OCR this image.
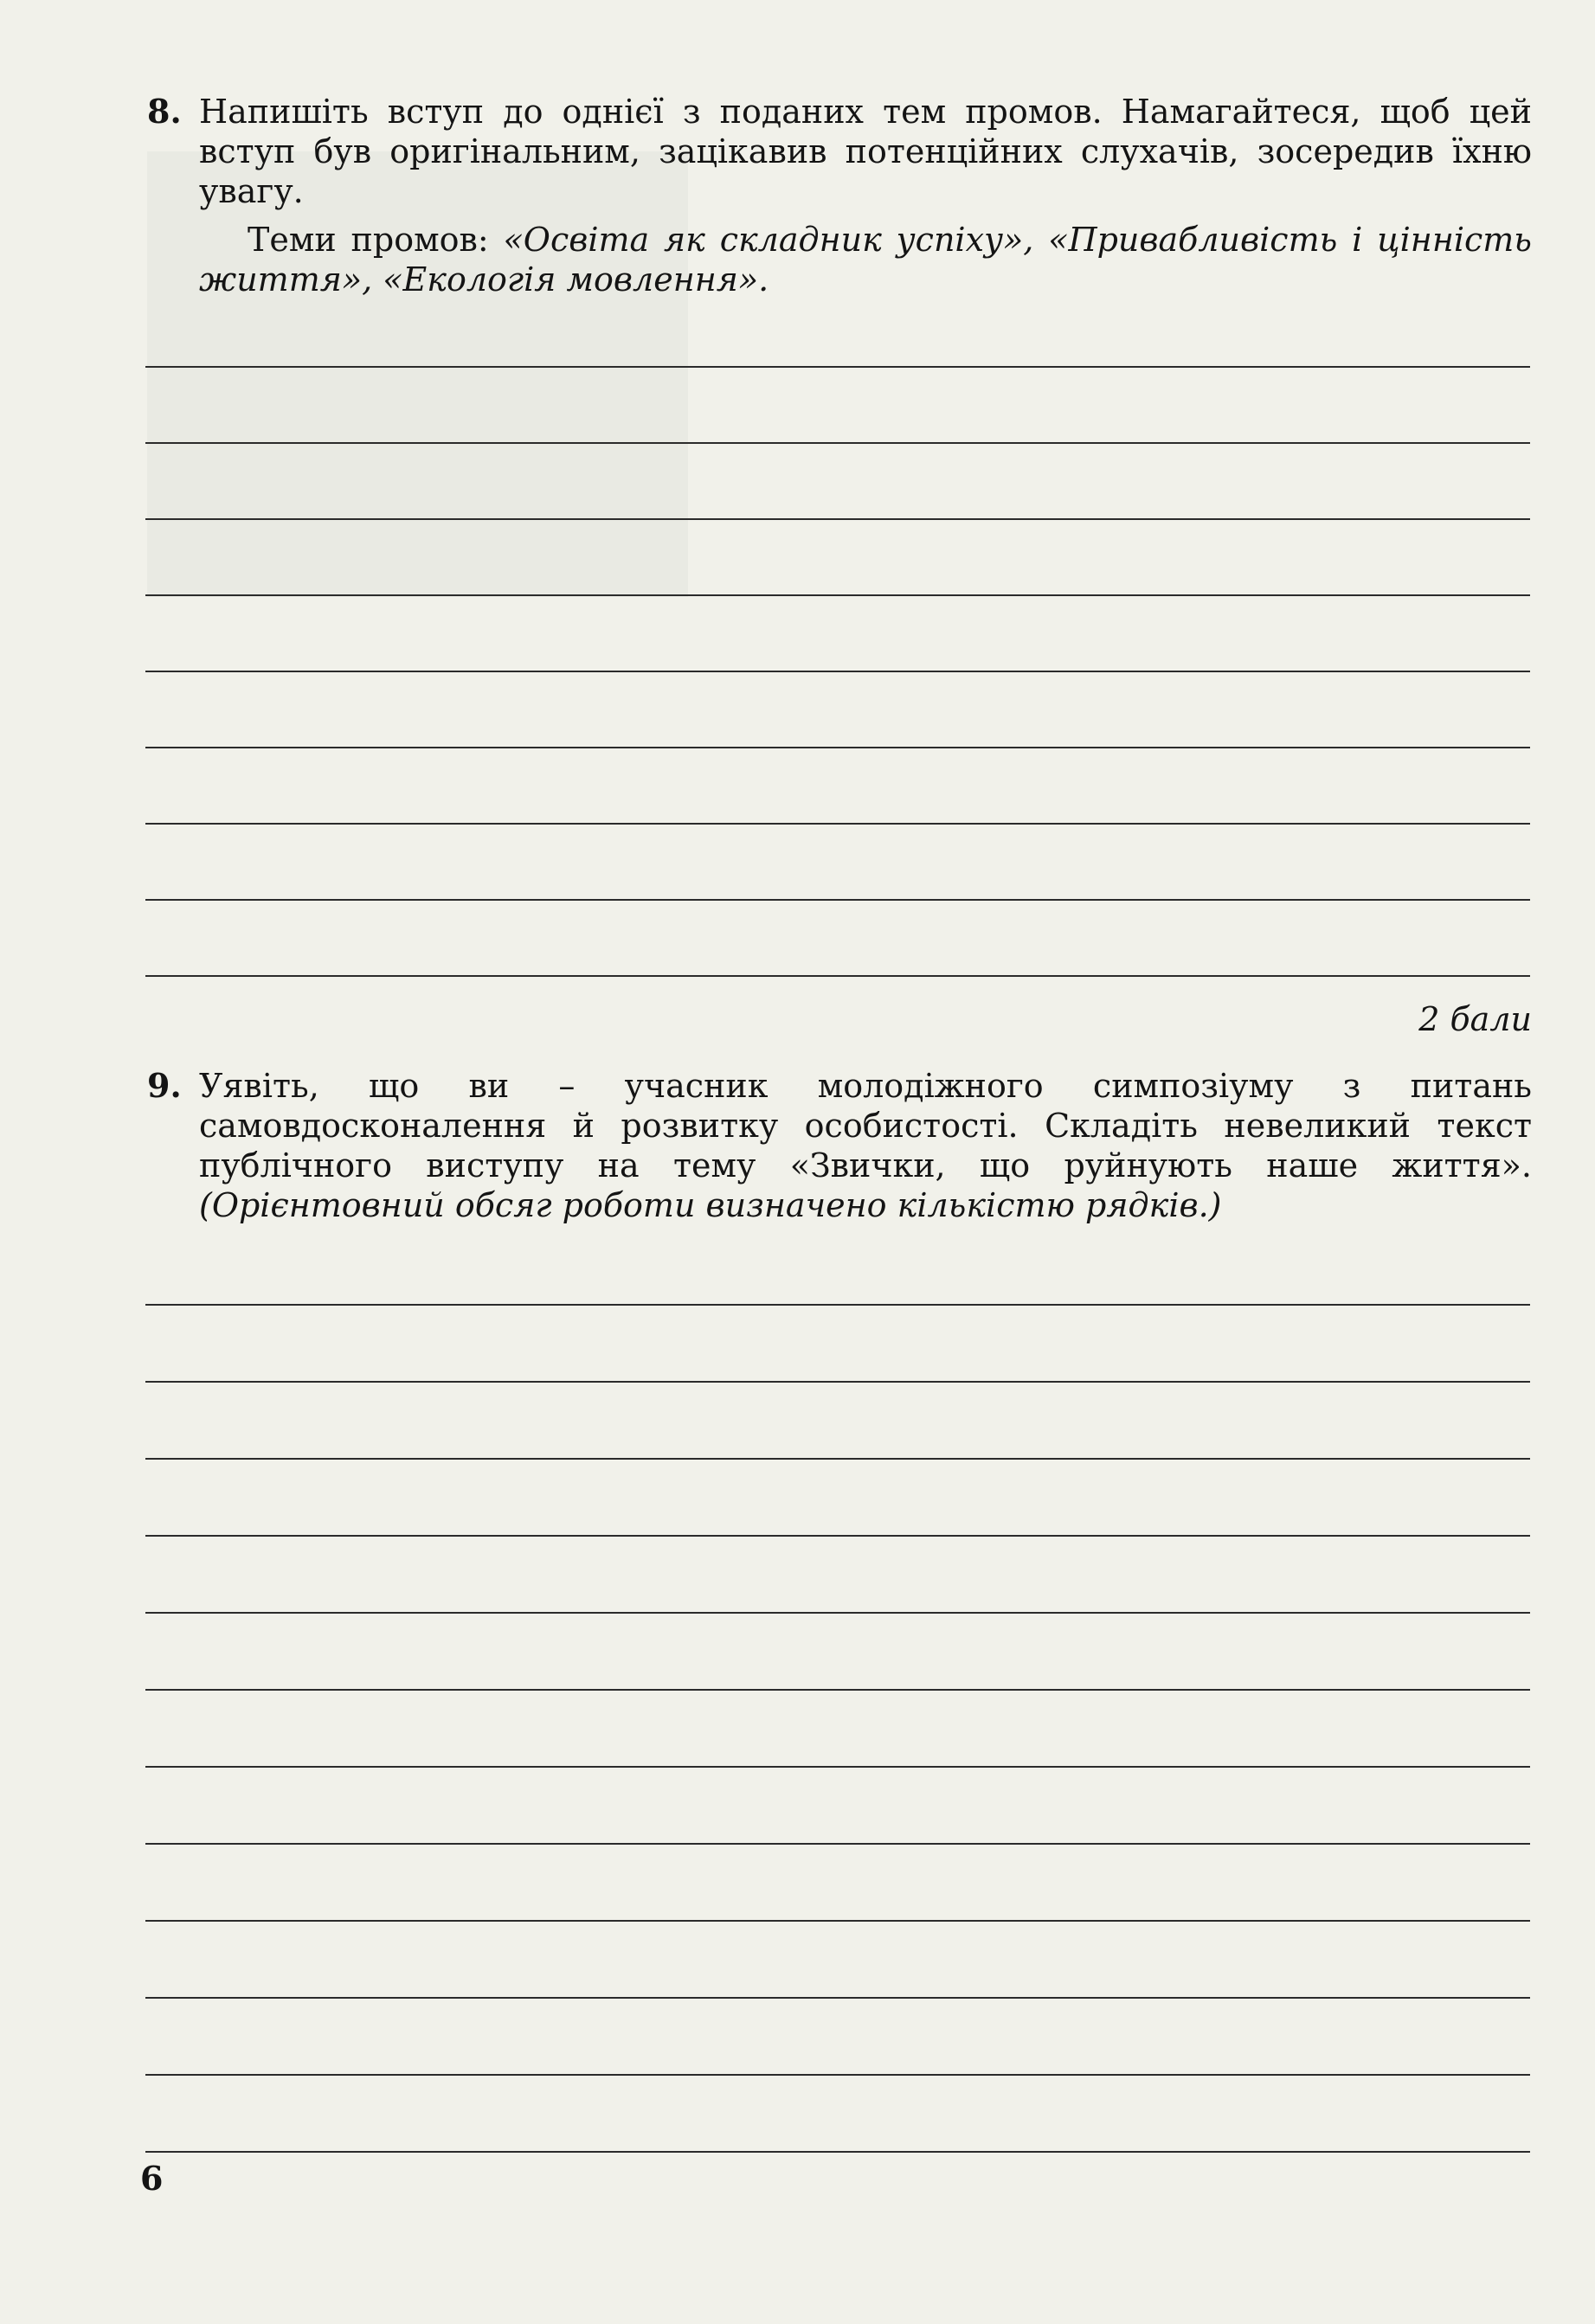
8. Напишіть вступ до однієї з поданих тем промов. Намагайтеся, щоб цей вступ був оригінальним, зацікавив потенційних слухачів, зосередив їхню увагу.

Теми промов: «Освіта як складник успіху», «Привабливість і цінність життя», «Екологія мовлення».

2 бали
9. Уявіть, що ви – учасник молодіжного симпозіуму з питань самовдосконалення й розвитку особистості. Складіть невеликий текст публічного виступу на тему «Звички, що руйнують наше життя». (Орієнтовний обсяг роботи визначено кількістю рядків.)

6
